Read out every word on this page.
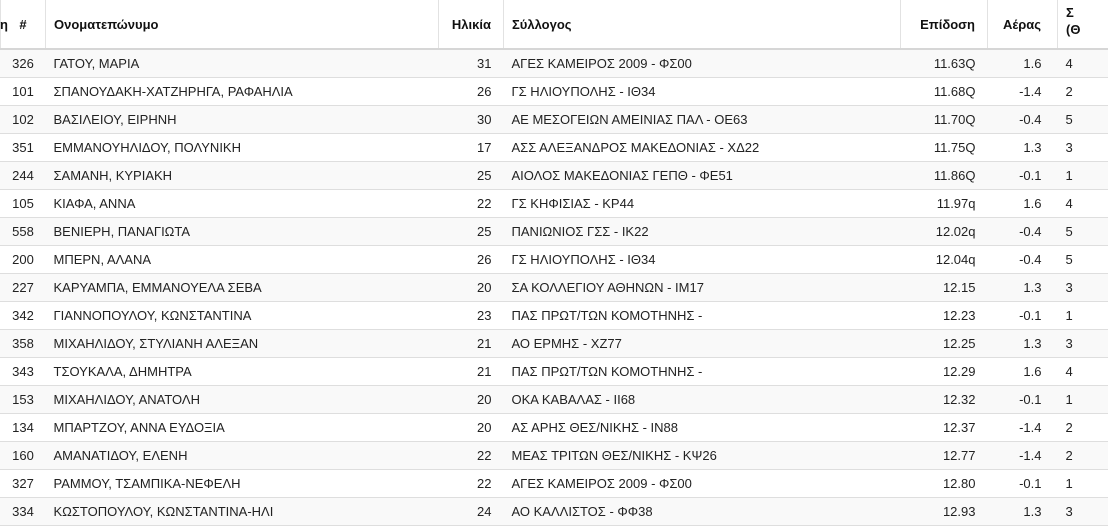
η	#	Ονοματεπώνυμο	Ηλικία	Σύλλογος	Επίδοση	Αέρας	Σ
(Θ

	326	ΓΑΤΟΥ, ΜΑΡΙΑ	31	ΑΓΕΣ ΚΑΜΕΙΡΟΣ 2009 - ΦΣ00	11.63Q	1.6	4
	101	ΣΠΑΝΟΥΔΑΚΗ-ΧΑΤΖΗΡΗΓΑ, ΡΑΦΑΗΛΙΑ	26	ΓΣ ΗΛΙΟΥΠΟΛΗΣ - ΙΘ34	11.68Q	-1.4	2
	102	ΒΑΣΙΛΕΙΟΥ, ΕΙΡΗΝΗ	30	ΑΕ ΜΕΣΟΓΕΙΩΝ ΑΜΕΙΝΙΑΣ ΠΑΛ - ΟΕ63	11.70Q	-0.4	5
	351	ΕΜΜΑΝΟΥΗΛΙΔΟΥ, ΠΟΛΥΝΙΚΗ	17	ΑΣΣ ΑΛΕΞΑΝΔΡΟΣ ΜΑΚΕΔΟΝΙΑΣ - ΧΔ22	11.75Q	1.3	3
	244	ΣΑΜΑΝΗ, ΚΥΡΙΑΚΗ	25	ΑΙΟΛΟΣ ΜΑΚΕΔΟΝΙΑΣ ΓΕΠΘ - ΦΕ51	11.86Q	-0.1	1
	105	ΚΙΑΦΑ, ΑΝΝΑ	22	ΓΣ ΚΗΦΙΣΙΑΣ - ΚΡ44	11.97q	1.6	4
	558	ΒΕΝΙΕΡΗ, ΠΑΝΑΓΙΩΤΑ	25	ΠΑΝΙΩΝΙΟΣ ΓΣΣ - ΙΚ22	12.02q	-0.4	5
	200	ΜΠΕΡΝ, ΑΛΑΝΑ	26	ΓΣ ΗΛΙΟΥΠΟΛΗΣ - ΙΘ34	12.04q	-0.4	5
	227	ΚΑΡΥΑΜΠΑ, ΕΜΜΑΝΟΥΕΛΑ ΣΕΒΑ	20	ΣΑ ΚΟΛΛΕΓΙΟΥ ΑΘΗΝΩΝ - ΙΜ17	12.15	1.3	3
	342	ΓΙΑΝΝΟΠΟΥΛΟΥ, ΚΩΝΣΤΑΝΤΙΝΑ	23	ΠΑΣ ΠΡΩΤ/ΤΩΝ ΚΟΜΟΤΗΝΗΣ -	12.23	-0.1	1
	358	ΜΙΧΑΗΛΙΔΟΥ, ΣΤΥΛΙΑΝΗ ΑΛΕΞΑΝ	21	ΑΟ ΕΡΜΗΣ - ΧΖ77	12.25	1.3	3
	343	ΤΣΟΥΚΑΛΑ, ΔΗΜΗΤΡΑ	21	ΠΑΣ ΠΡΩΤ/ΤΩΝ ΚΟΜΟΤΗΝΗΣ -	12.29	1.6	4
	153	ΜΙΧΑΗΛΙΔΟΥ, ΑΝΑΤΟΛΗ	20	ΟΚΑ ΚΑΒΑΛΑΣ - ΙΙ68	12.32	-0.1	1
	134	ΜΠΑΡΤΖΟΥ, ΑΝΝΑ ΕΥΔΟΞΙΑ	20	ΑΣ ΑΡΗΣ ΘΕΣ/ΝΙΚΗΣ - ΙΝ88	12.37	-1.4	2
	160	ΑΜΑΝΑΤΙΔΟΥ, ΕΛΕΝΗ	22	ΜΕΑΣ ΤΡΙΤΩΝ ΘΕΣ/ΝΙΚΗΣ - ΚΨ26	12.77	-1.4	2
	327	ΡΑΜΜΟΥ, ΤΣΑΜΠΙΚΑ-ΝΕΦΕΛΗ	22	ΑΓΕΣ ΚΑΜΕΙΡΟΣ 2009 - ΦΣ00	12.80	-0.1	1
	334	ΚΩΣΤΟΠΟΥΛΟΥ, ΚΩΝΣΤΑΝΤΙΝΑ-ΗΛΙ	24	ΑΟ ΚΑΛΛΙΣΤΟΣ - ΦΦ38	12.93	1.3	3
